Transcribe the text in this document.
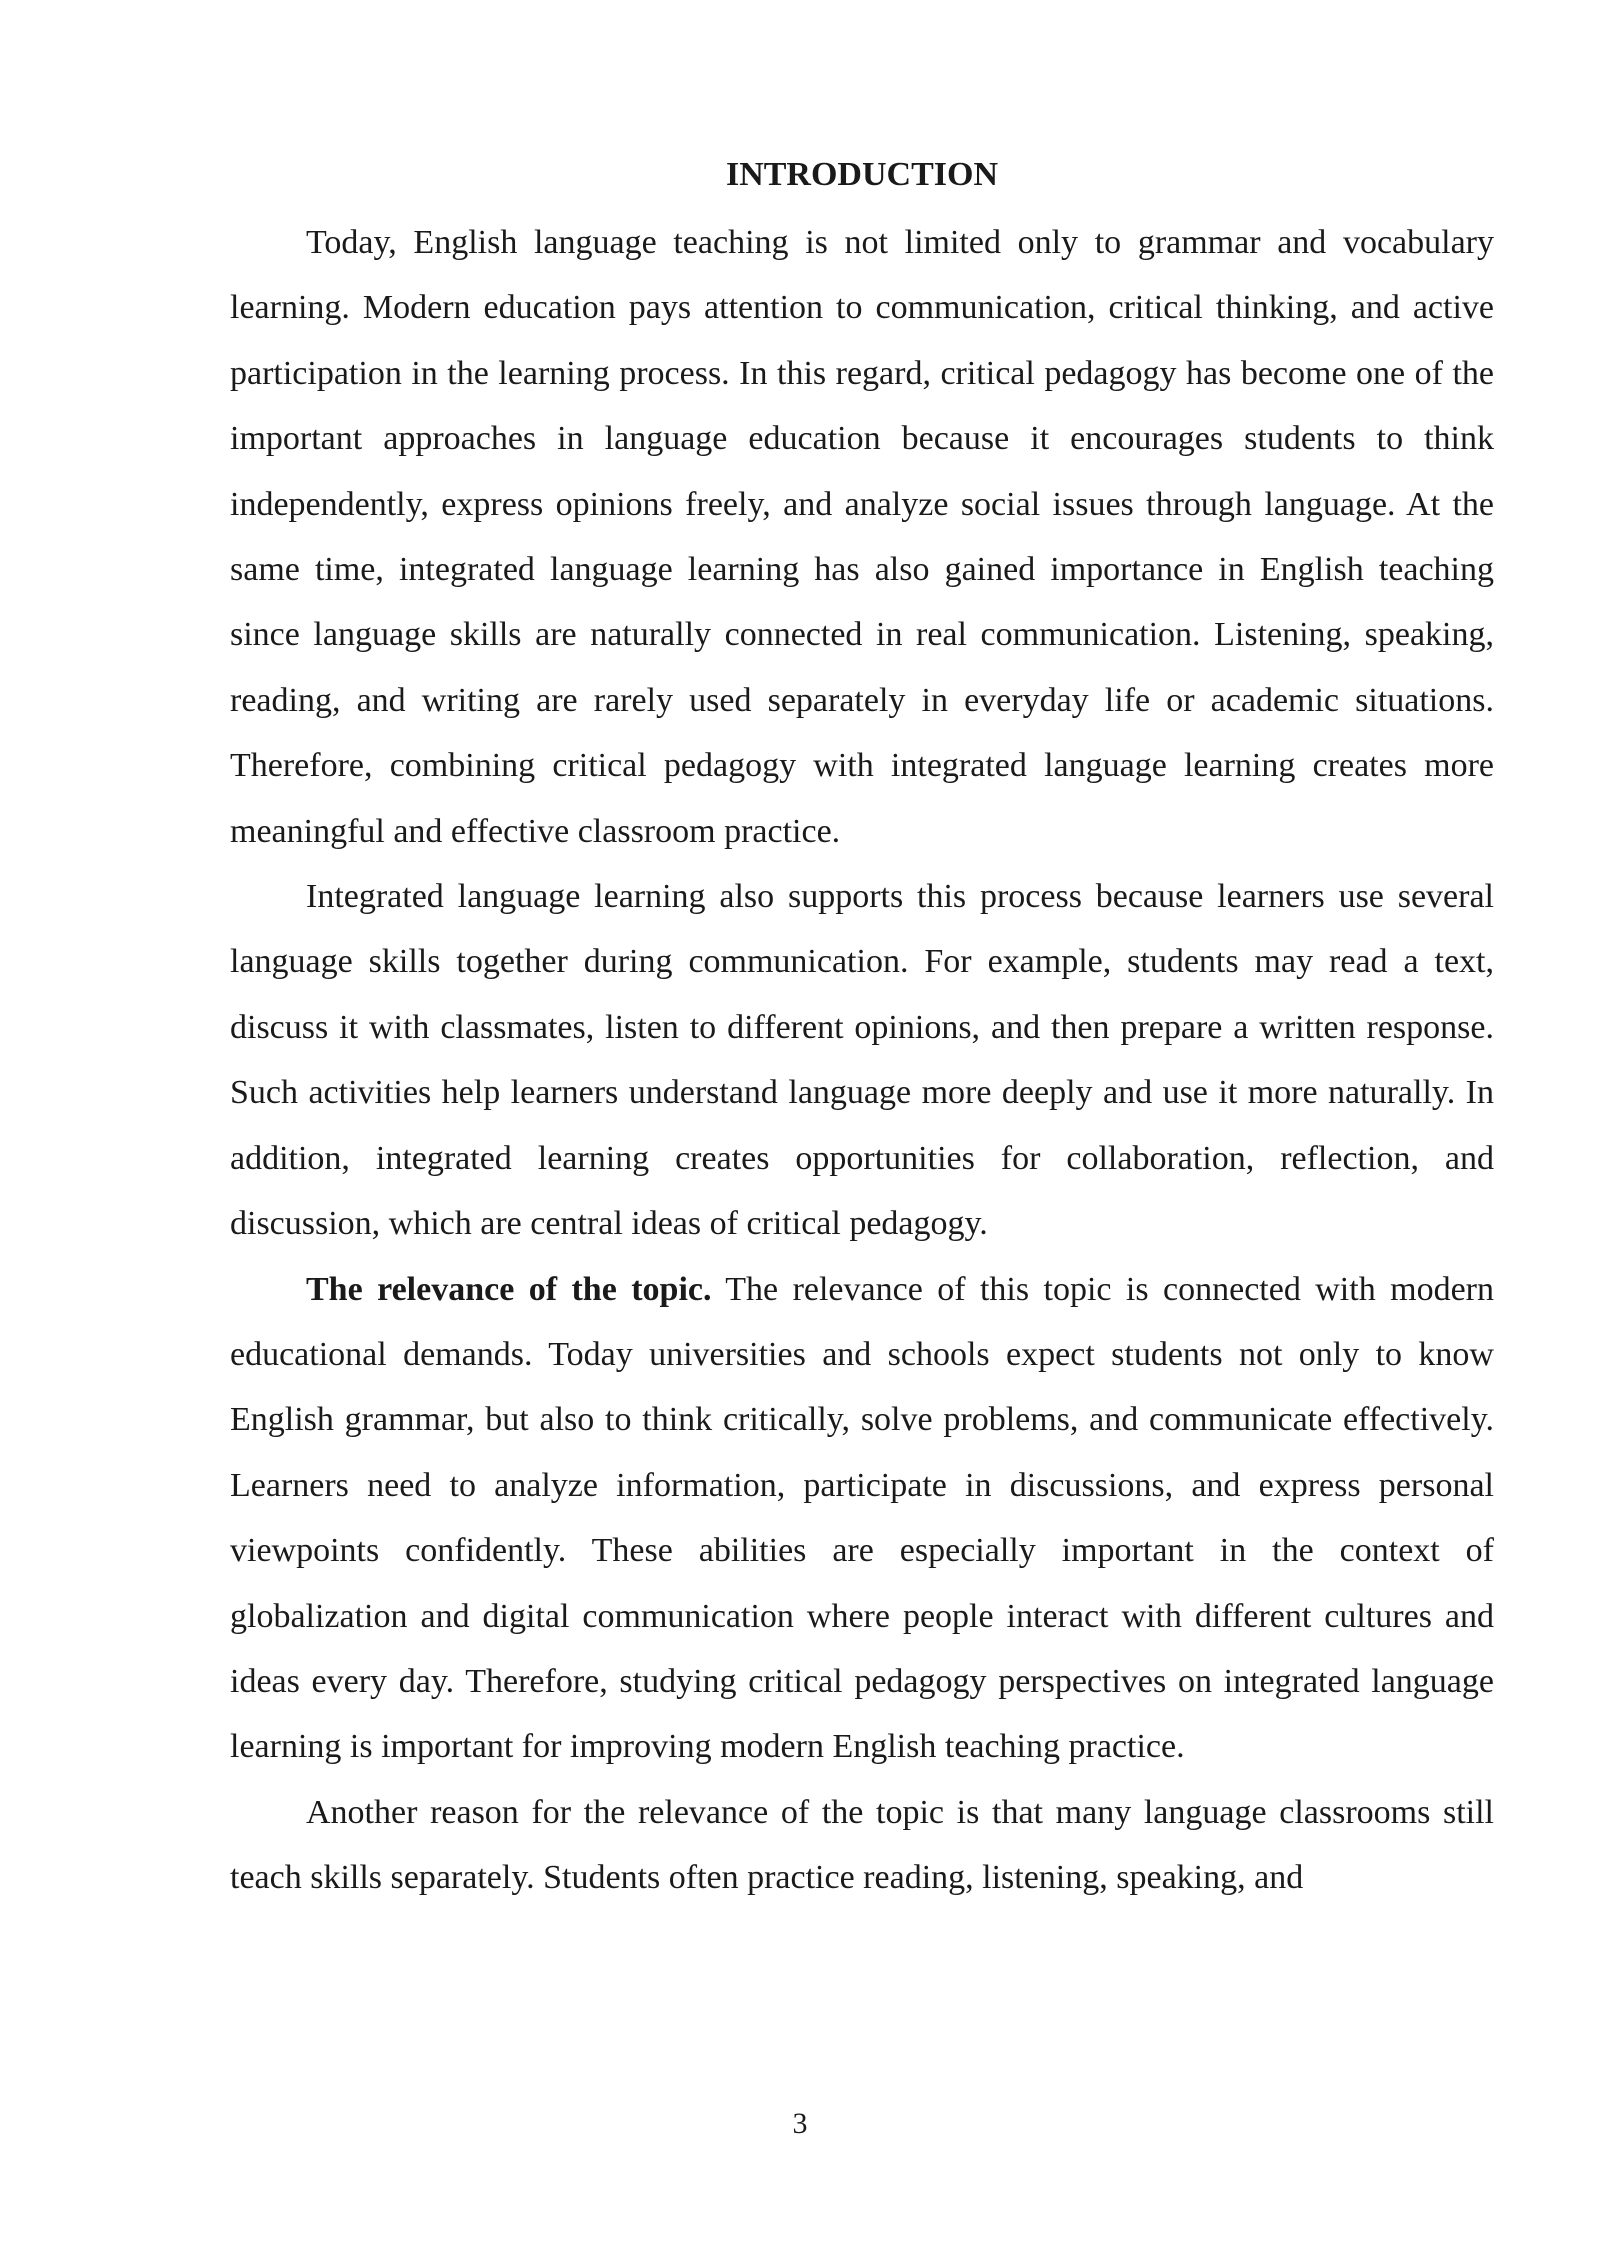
INTRODUCTION

Today, English language teaching is not limited only to grammar and vocabulary learning. Modern education pays attention to communication, critical thinking, and active participation in the learning process. In this regard, critical pedagogy has become one of the important approaches in language education because it encourages students to think independently, express opinions freely, and analyze social issues through language. At the same time, integrated language learning has also gained importance in English teaching since language skills are naturally connected in real communication. Listening, speaking, reading, and writing are rarely used separately in everyday life or academic situations. Therefore, combining critical pedagogy with integrated language learning creates more meaningful and effective classroom practice.

Integrated language learning also supports this process because learners use several language skills together during communication. For example, students may read a text, discuss it with classmates, listen to different opinions, and then prepare a written response. Such activities help learners understand language more deeply and use it more naturally. In addition, integrated learning creates opportunities for collaboration, reflection, and discussion, which are central ideas of critical pedagogy.

The relevance of the topic. The relevance of this topic is connected with modern educational demands. Today universities and schools expect students not only to know English grammar, but also to think critically, solve problems, and communicate effectively. Learners need to analyze information, participate in discussions, and express personal viewpoints confidently. These abilities are especially important in the context of globalization and digital communication where people interact with different cultures and ideas every day. Therefore, studying critical pedagogy perspectives on integrated language learning is important for improving modern English teaching practice.

Another reason for the relevance of the topic is that many language classrooms still teach skills separately. Students often practice reading, listening, speaking, and

3
